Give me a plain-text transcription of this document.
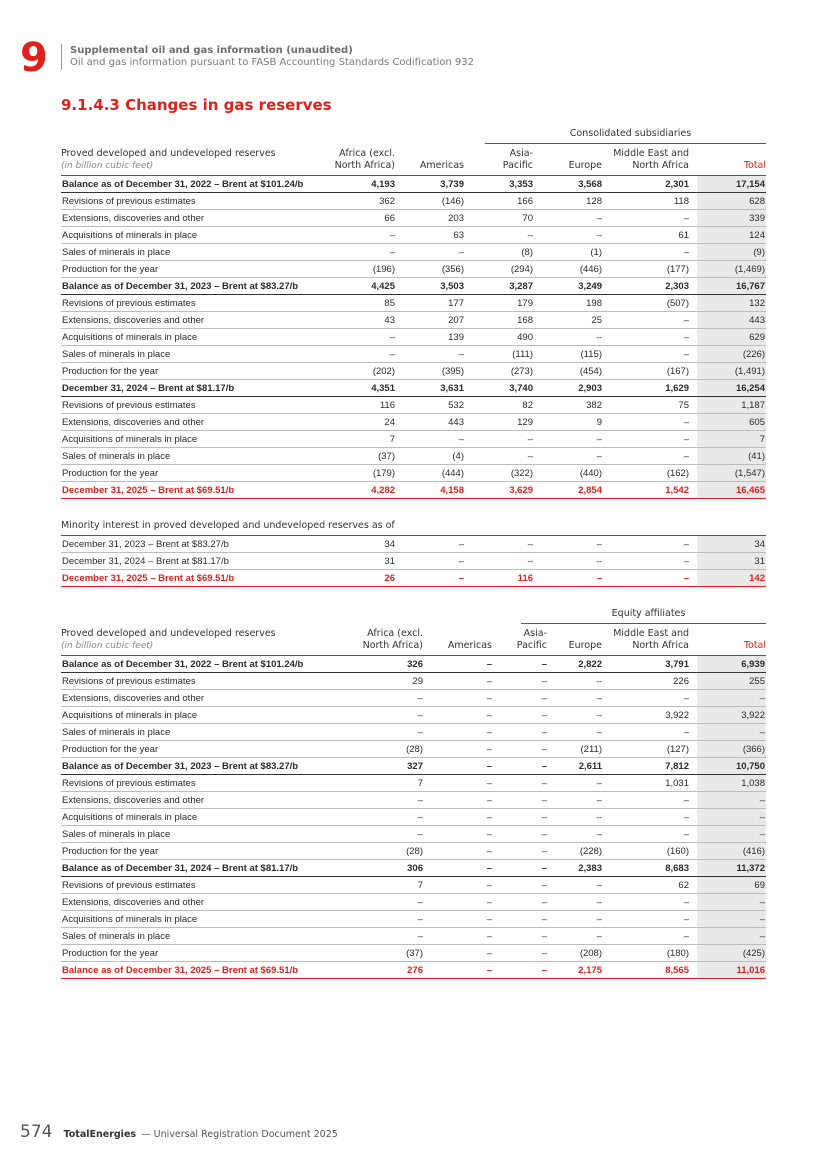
9 Supplemental oil and gas information (unaudited)
Oil and gas information pursuant to FASB Accounting Standards Codification 932
9.1.4.3 Changes in gas reserves
Consolidated subsidiaries
Proved developed and undeveloped reserves
(in billion cubic feet)
Africa (excl.
North Africa)
	Americas
Asia-
Pacific
	Europe
Middle East and
North Africa
	Total
Balance as of December 31, 2022 – Brent at $101.24/b	4,193	3,739	3,353	3,568	2,301	17,154
Revisions of previous estimates	362	(146)	166	128	118	628
Extensions, discoveries and other	66	203	70	–	–	339
Acquisitions of minerals in place	–	63	–	–	61	124
Sales of minerals in place	–	–	(8)	(1)	–	(9)
Production for the year	(196)	(356)	(294)	(446)	(177)	(1,469)
Balance as of December 31, 2023 – Brent at $83.27/b	4,425	3,503	3,287	3,249	2,303	16,767
Revisions of previous estimates	85	177	179	198	(507)	132
Extensions, discoveries and other	43	207	168	25	–	443
Acquisitions of minerals in place	–	139	490	–	–	629
Sales of minerals in place	–	–	(111)	(115)	–	(226)
Production for the year	(202)	(395)	(273)	(454)	(167)	(1,491)
December 31, 2024 – Brent at $81.17/b	4,351	3,631	3,740	2,903	1,629	16,254
Revisions of previous estimates	116	532	82	382	75	1,187
Extensions, discoveries and other	24	443	129	9	–	605
Acquisitions of minerals in place	7	–	–	–	–	7
Sales of minerals in place	(37)	(4)	–	–	–	(41)
Production for the year	(179)	(444)	(322)	(440)	(162)	(1,547)
December 31, 2025 – Brent at $69.51/b	4,282	4,158	3,629	2,854	1,542	16,465
Minority interest in proved developed and undeveloped reserves as of
December 31, 2023 – Brent at $83.27/b	34	–	–	–	–	34
December 31, 2024 – Brent at $81.17/b	31	–	–	–	–	31
December 31, 2025 – Brent at $69.51/b	26	–	116	–	–	142
Equity affiliates
Proved developed and undeveloped reserves
(in billion cubic feet)
Africa (excl.
North Africa)
	Americas
Asia-
Pacific
	Europe
Middle East and
North Africa
	Total
Balance as of December 31, 2022 – Brent at $101.24/b	326	–	–	2,822	3,791	6,939
Revisions of previous estimates	29	–	–	–	226	255
Extensions, discoveries and other	–	–	–	–	–	–
Acquisitions of minerals in place	–	–	–	–	3,922	3,922
Sales of minerals in place	–	–	–	–	–	–
Production for the year	(28)	–	–	(211)	(127)	(366)
Balance as of December 31, 2023 – Brent at $83.27/b	327	–	–	2,611	7,812	10,750
Revisions of previous estimates	7	–	–	–	1,031	1,038
Extensions, discoveries and other	–	–	–	–	–	–
Acquisitions of minerals in place	–	–	–	–	–	–
Sales of minerals in place	–	–	–	–	–	–
Production for the year	(28)	–	–	(228)	(160)	(416)
Balance as of December 31, 2024 – Brent at $81.17/b	306	–	–	2,383	8,683	11,372
Revisions of previous estimates	7	–	–	–	62	69
Extensions, discoveries and other	–	–	–	–	–	–
Acquisitions of minerals in place	–	–	–	–	–	–
Sales of minerals in place	–	–	–	–	–	–
Production for the year	(37)	–	–	(208)	(180)	(425)
Balance as of December 31, 2025 – Brent at $69.51/b	276	–	–	2,175	8,565	11,016
574 TotalEnergies — Universal Registration Document 2025
